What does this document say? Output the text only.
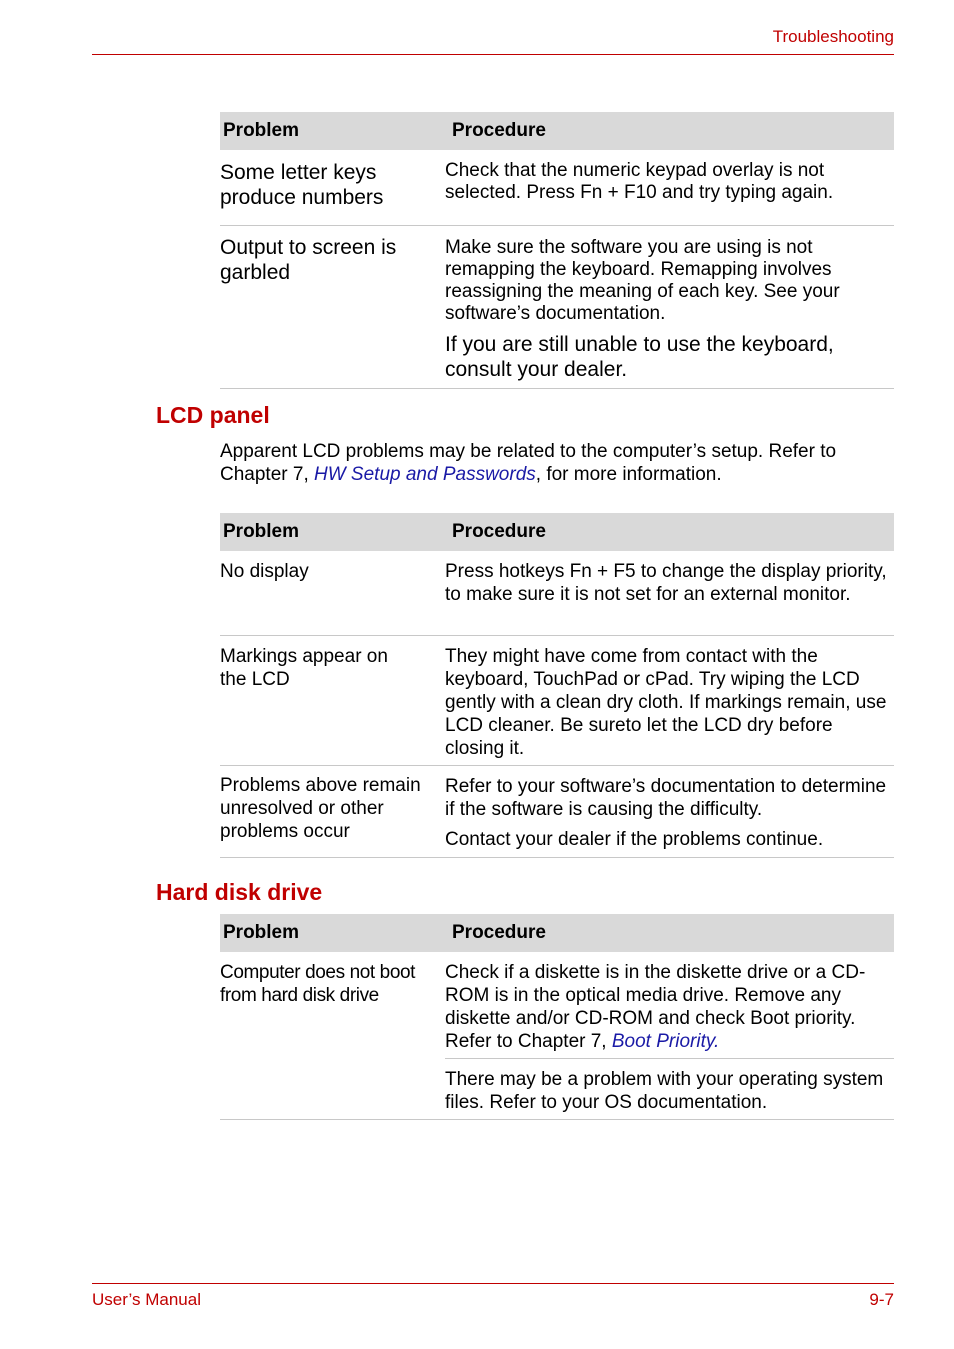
Troubleshooting
Problem	Procedure

Some letter keys produce numbers	Check that the numeric keypad overlay is not selected. Press Fn + F10 and try typing again.

Output to screen is garbled	Make sure the software you are using is not remapping the keyboard. Remapping involves reassigning the meaning of each key. See your software’s documentation.
If you are still unable to use the keyboard, consult your dealer.
LCD panel
Apparent LCD problems may be related to the computer’s setup. Refer to Chapter 7, HW Setup and Passwords, for more information.
Problem	Procedure

No display	Press hotkeys Fn + F5 to change the display priority, to make sure it is not set for an external monitor.

Markings appear on the LCD	They might have come from contact with the keyboard, TouchPad or cPad. Try wiping the LCD gently with a clean dry cloth. If markings remain, use LCD cleaner. Be sureto let the LCD dry before closing it.

Problems above remain unresolved or other problems occur	Refer to your software’s documentation to determine if the software is causing the difficulty.
Contact your dealer if the problems continue.
Hard disk drive
Problem	Procedure

Computer does not boot from hard disk drive	Check if a diskette is in the diskette drive or a CD-ROM is in the optical media drive. Remove any diskette and/or CD-ROM and check Boot priority. Refer to Chapter 7, Boot Priority.

	There may be a problem with your operating system files. Refer to your OS documentation.
User’s Manual	9-7
